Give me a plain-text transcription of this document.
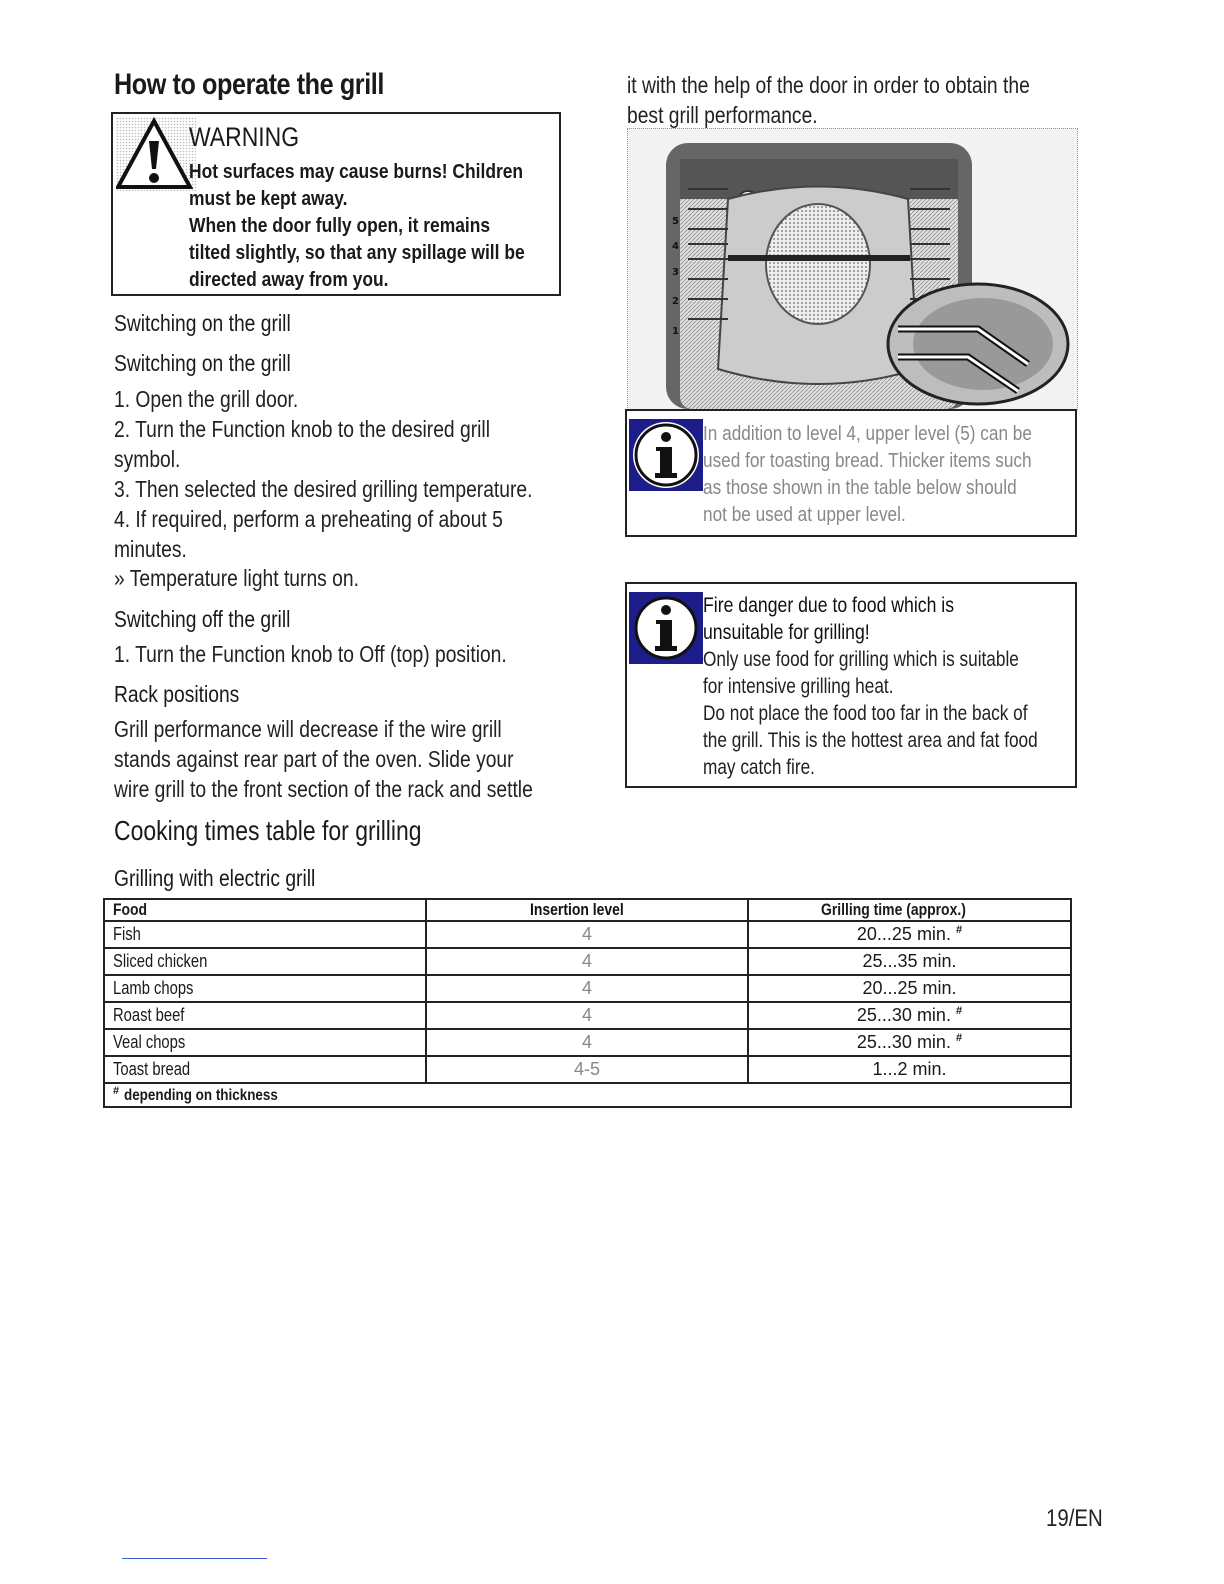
How to operate the grill
WARNING
Hot surfaces may cause burns! Children
must be kept away.
When the door fully open, it remains
tilted slightly, so that any spillage will be
directed away from you.
Switching on the grill
Switching on the grill
1. Open the grill door.
2. Turn the Function knob to the desired grill
symbol.
3. Then selected the desired grilling temperature.
4. If required, perform a preheating of about 5
minutes.
» Temperature light turns on.
Switching off the grill
1. Turn the Function knob to Off (top) position.
Rack positions
Grill performance will decrease if the wire grill
stands against rear part of the oven. Slide your
wire grill to the front section of the rack and settle
it with the help of the door in order to obtain the
best grill performance.
5
4
3
2
1
In addition to level 4, upper level (5) can be
used for toasting bread. Thicker items such
as those shown in the table below should
not be used at upper level.
Fire danger due to food which is
unsuitable for grilling!
Only use food for grilling which is suitable
for intensive grilling heat.
Do not place the food too far in the back of
the grill. This is the hottest area and fat food
may catch fire.
Cooking times table for grilling
Grilling with electric grill
Food	Insertion level	Grilling time (approx.)
Fish	4	20...25 min. #
Sliced chicken	4	25...35 min.
Lamb chops	4	20...25 min.
Roast beef	4	25...30 min. #
Veal chops	4	25...30 min. #
Toast bread	4-5	1...2 min.
# depending on thickness		
19/EN
